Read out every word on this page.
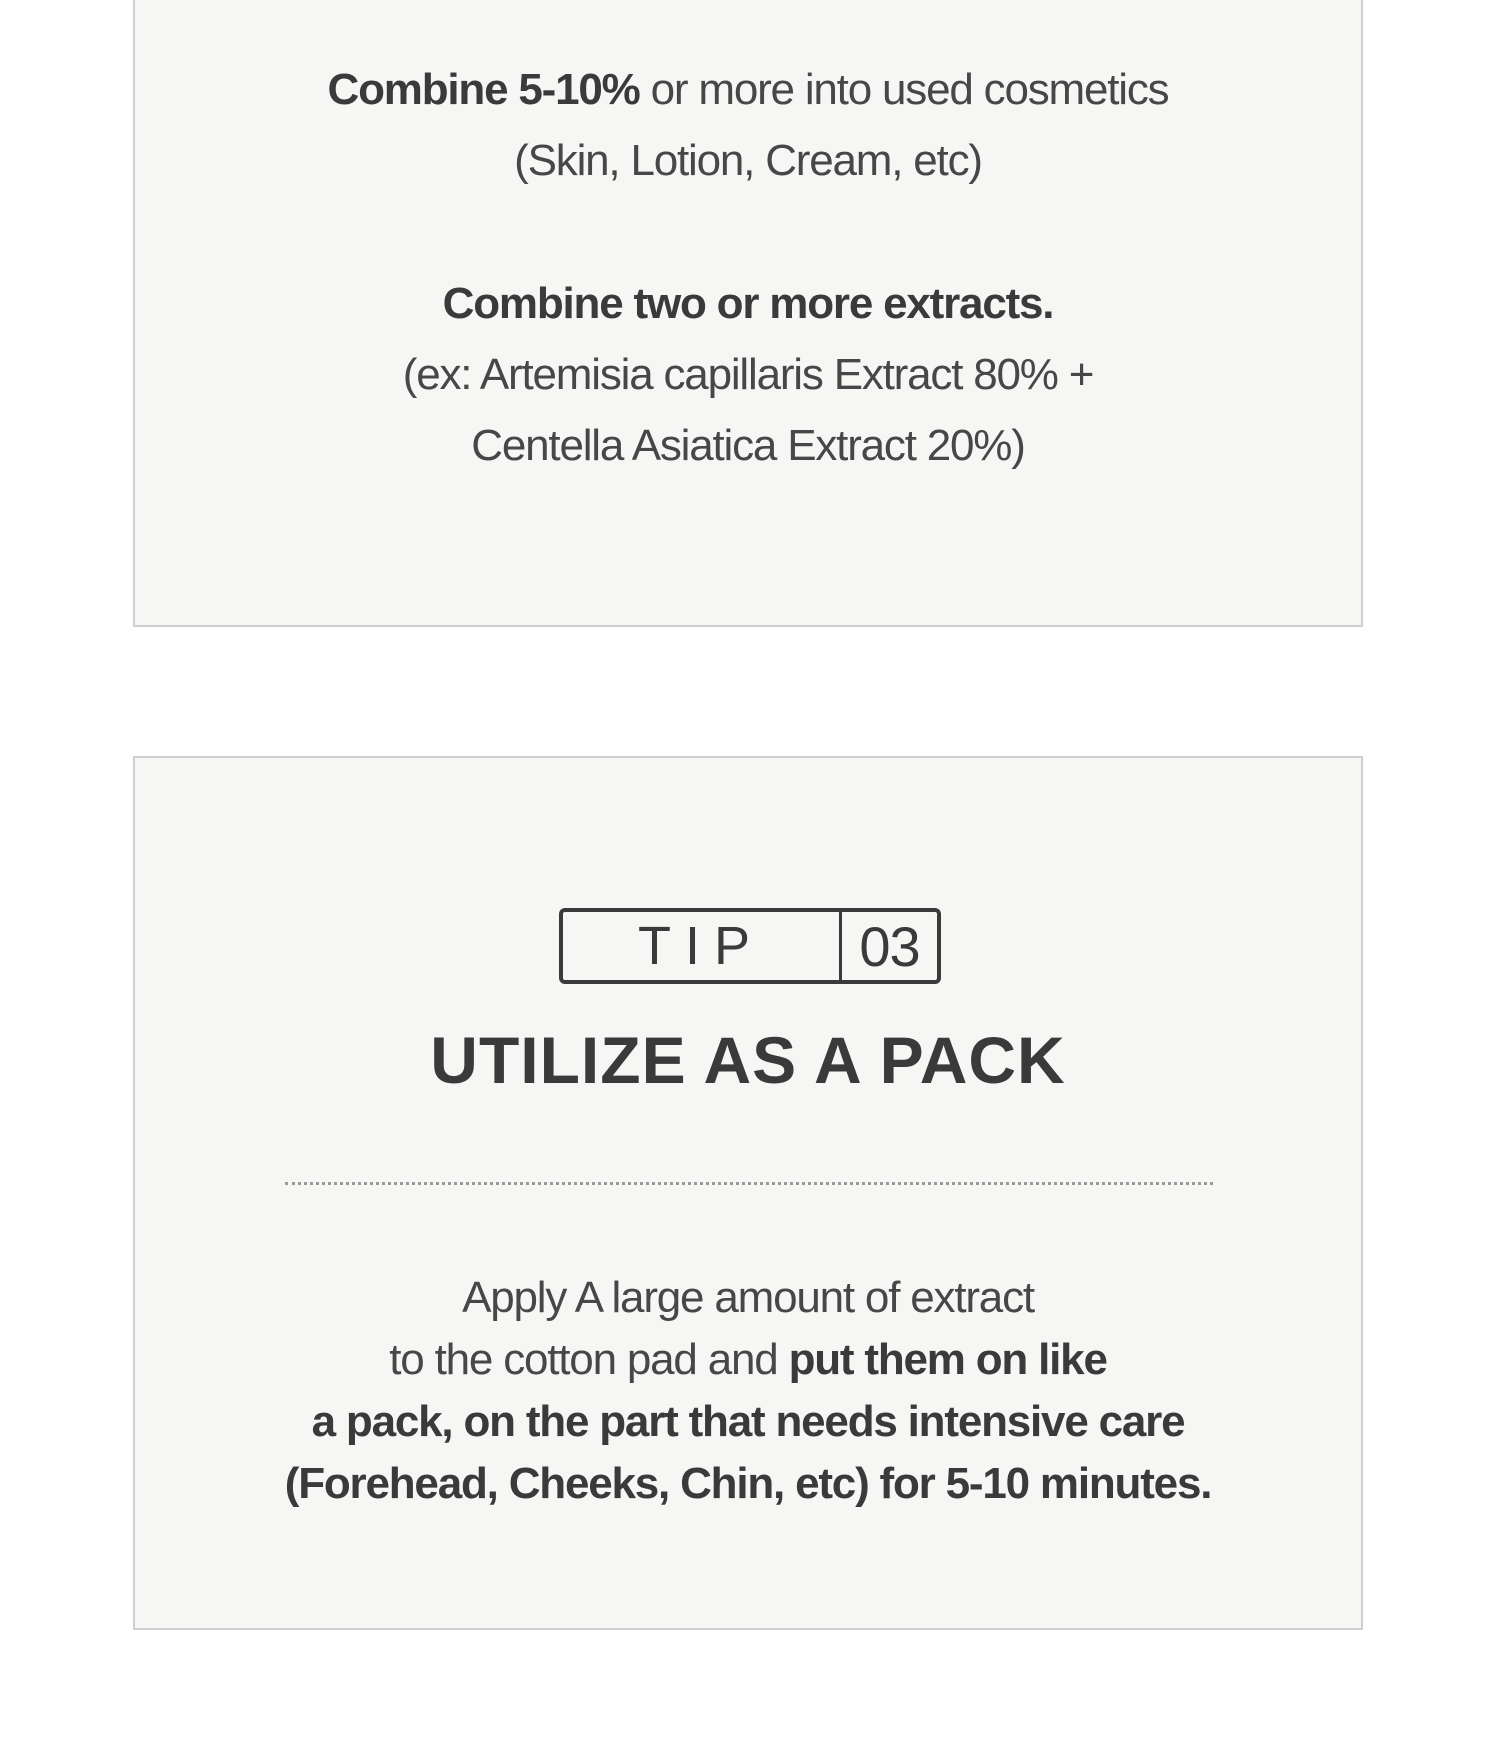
Combine 5-10% or more into used cosmetics
(Skin, Lotion, Cream, etc)
Combine two or more extracts.
(ex: Artemisia capillaris Extract 80% +
Centella Asiatica Extract 20%)
TIP	03
UTILIZE AS A PACK
Apply A large amount of extract
to the cotton pad and put them on like
a pack, on the part that needs intensive care
(Forehead, Cheeks, Chin, etc) for 5-10 minutes.
